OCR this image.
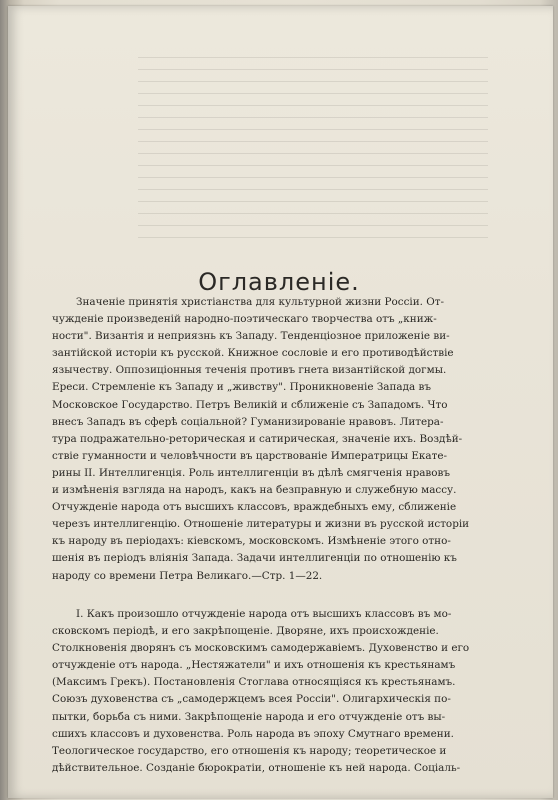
Оглавленіе.
Значеніе принятія христіанства для культурной жизни Россіи. От-
чужденіе произведеній народно-поэтическаго творчества отъ „книж-
ности". Византія и неприязнь къ Западу. Тенденціозное приложеніе ви-
зантійской исторіи къ русской. Книжное сословіе и его противодѣйствіе
язычеству. Оппозиціонныя теченія противъ гнета византійской догмы.
Ереси. Стремленіе къ Западу и „живству". Проникновеніе Запада въ
Московское Государство. Петръ Великій и сближеніе съ Западомъ. Что
внесъ Западъ въ сферѣ соціальной? Гуманизированіе нравовъ. Литера-
тура подражательно-реторическая и сатирическая, значеніе ихъ. Воздѣй-
ствіе гуманности и человѣчности въ царствованіе Императрицы Екате-
рины II. Интеллигенція. Роль интеллигенціи въ дѣлѣ смягченія нравовъ
и измѣненія взгляда на народъ, какъ на безправную и служебную массу.
Отчужденіе народа отъ высшихъ классовъ, враждебныхъ ему, сближеніе
черезъ интеллигенцію. Отношеніе литературы и жизни въ русской исторіи
къ народу въ періодахъ: кіевскомъ, московскомъ. Измѣненіе этого отно-
шенія въ періодъ вліянія Запада. Задачи интеллигенціи по отношенію къ
народу со времени Петра Великаго.—Стр. 1—22.
I. Какъ произошло отчужденіе народа отъ высшихъ классовъ въ мо-
сковскомъ періодѣ, и его закрѣпощеніе. Дворяне, ихъ происхожденіе.
Столкновенія дворянъ съ московскимъ самодержавіемъ. Духовенство и его
отчужденіе отъ народа. „Нестяжатели" и ихъ отношенія къ крестьянамъ
(Максимъ Грекъ). Постановленія Стоглава относящіяся къ крестьянамъ.
Союзъ духовенства съ „самодержцемъ всея Россіи". Олигархическія по-
пытки, борьба съ ними. Закрѣпощеніе народа и его отчужденіе отъ вы-
сшихъ классовъ и духовенства. Роль народа въ эпоху Смутнаго времени.
Теологическое государство, его отношенія къ народу; теоретическое и
дѣйствительное. Созданіе бюрократіи, отношеніе къ ней народа. Соціаль-
